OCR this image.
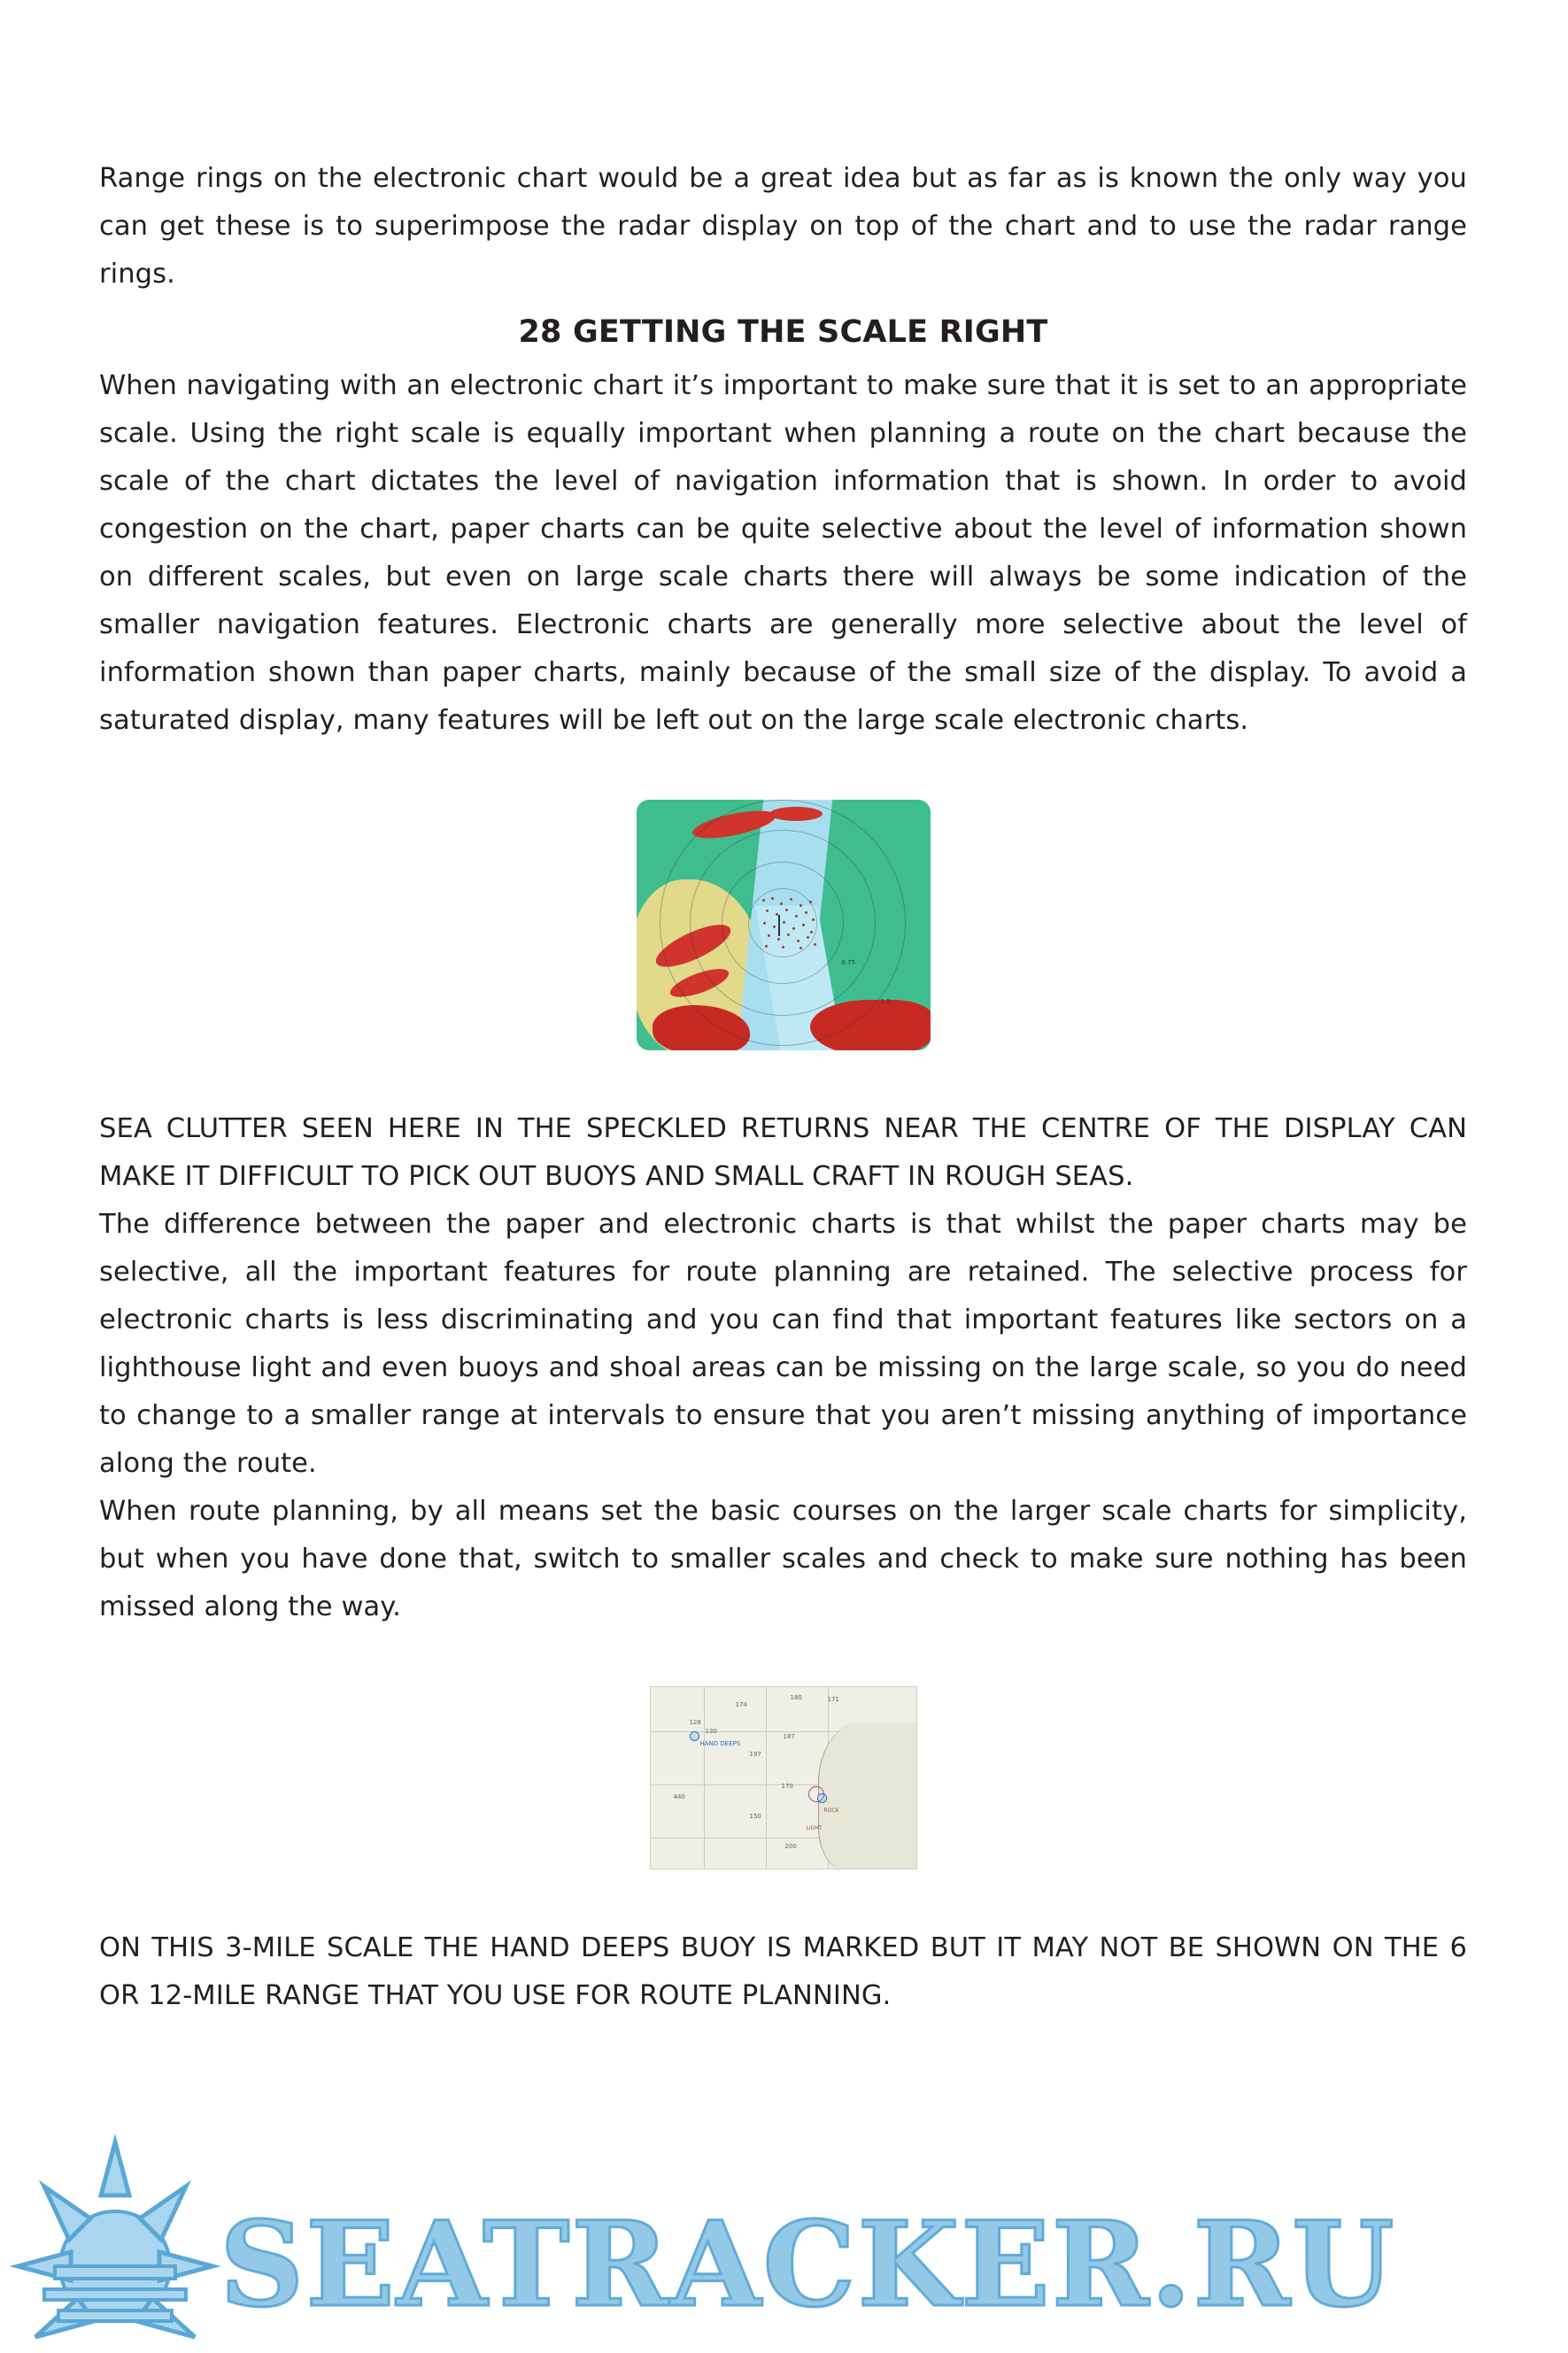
Range rings on the electronic chart would be a great idea but as far as is known the only way you can get these is to superimpose the radar display on top of the chart and to use the radar range rings.

28 GETTING THE SCALE RIGHT

When navigating with an electronic chart it’s important to make sure that it is set to an appropriate scale. Using the right scale is equally important when planning a route on the chart because the scale of the chart dictates the level of navigation information that is shown. In order to avoid congestion on the chart, paper charts can be quite selective about the level of information shown on different scales, but even on large scale charts there will always be some indication of the smaller navigation features. Electronic charts are generally more selective about the level of information shown than paper charts, mainly because of the small size of the display. To avoid a saturated display, many features will be left out on the large scale electronic charts.

0.75
1.5

SEA CLUTTER SEEN HERE IN THE SPECKLED RETURNS NEAR THE CENTRE OF THE DISPLAY CAN MAKE IT DIFFICULT TO PICK OUT BUOYS AND SMALL CRAFT IN ROUGH SEAS.

The difference between the paper and electronic charts is that whilst the paper charts may be selective, all the important features for route planning are retained. The selective process for electronic charts is less discriminating and you can find that important features like sectors on a lighthouse light and even buoys and shoal areas can be missing on the large scale, so you do need to change to a smaller range at intervals to ensure that you aren’t missing anything of importance along the route.

When route planning, by all means set the basic courses on the larger scale charts for simplicity, but when you have done that, switch to smaller scales and check to make sure nothing has been missed along the way.

174
180	171
187
197
130
128
170
150
200
440
HAND DEEPS
ROCK
LIGHT

ON THIS 3-MILE SCALE THE HAND DEEPS BUOY IS MARKED BUT IT MAY NOT BE SHOWN ON THE 6 OR 12-MILE RANGE THAT YOU USE FOR ROUTE PLANNING.

SEATRACKER.RU
